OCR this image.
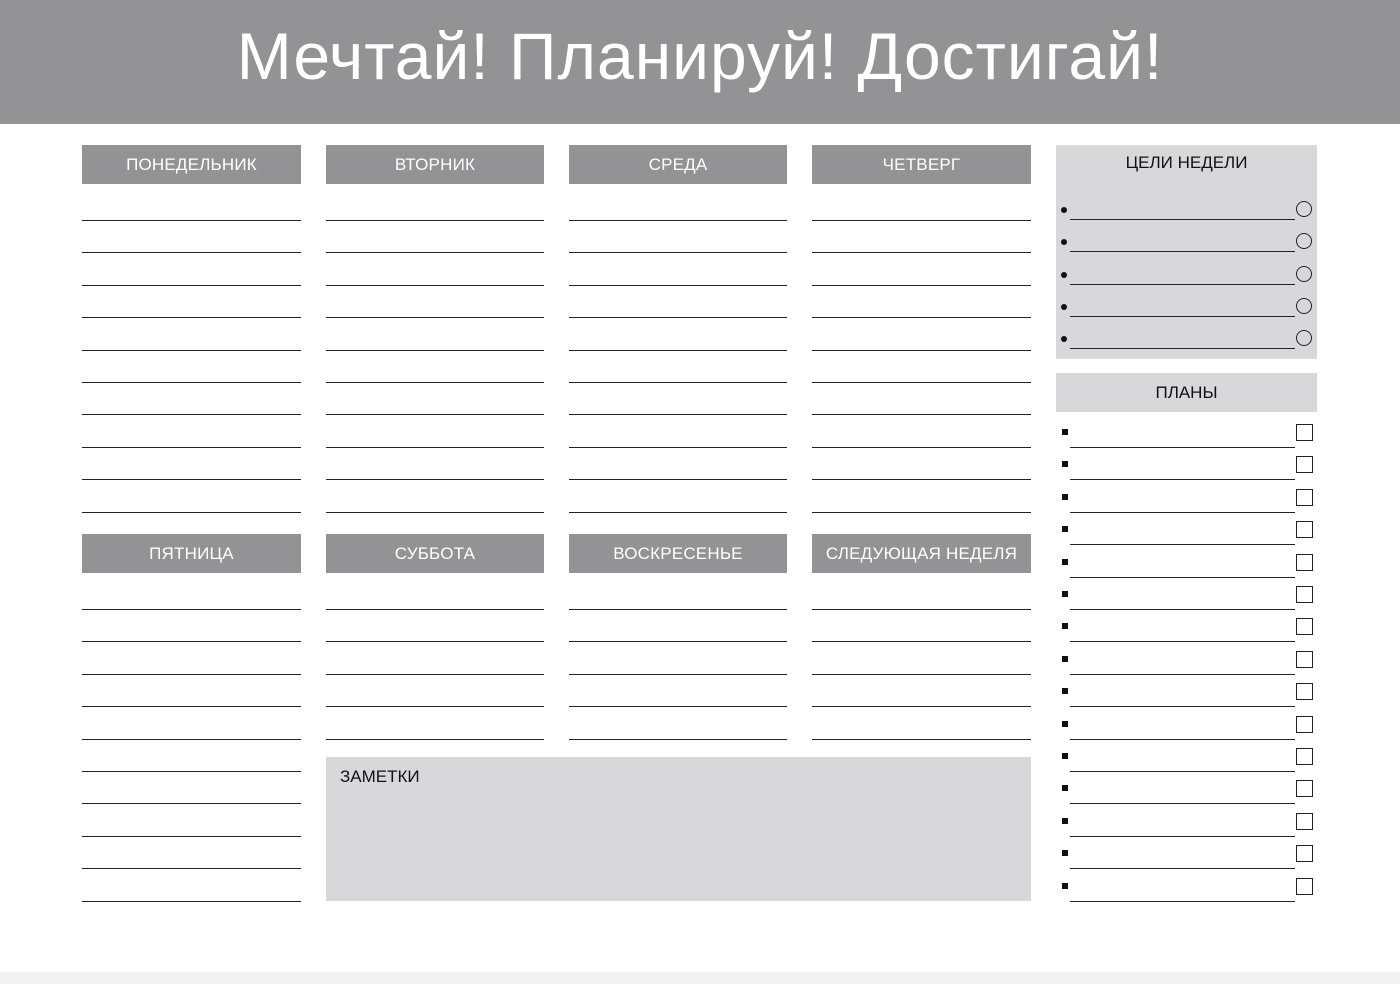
Мечтай! Планируй! Достигай!
ПОНЕДЕЛЬНИК	ВТОРНИК	СРЕДА	ЧЕТВЕРГ
ПЯТНИЦА	СУББОТА	ВОСКРЕСЕНЬЕ	СЛЕДУЮЩАЯ НЕДЕЛЯ
ЗАМЕТКИ
ЦЕЛИ НЕДЕЛИ
ПЛАНЫ
